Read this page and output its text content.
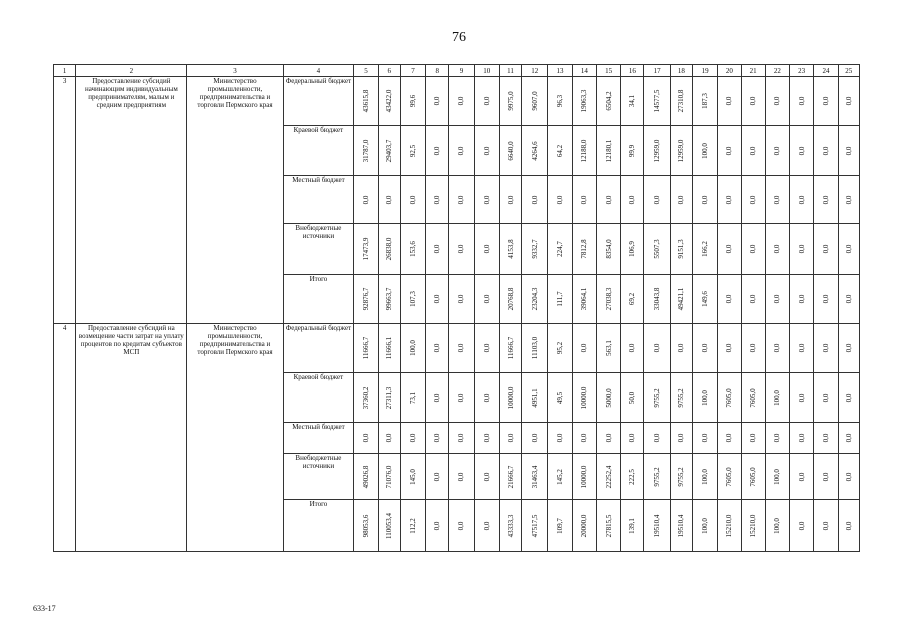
76
1	2	3	4	5	6	7	8	9	10	11	12	13	14	15	16	17	18	19	20	21	22	23	24	25
3	Предоставление субсидий начинающим индивидуальным предпринимателям, малым и средним предприятиям	Министерство промышленности, предпринимательства и торговли Пермского края	Федеральный бюджет	43615,8	43422,0	99,6	0,0	0,0	0,0	9975,0	9607,0	96,3	19063,3	6504,2	34,1	14577,5	27310,8	187,3	0,0	0,0	0,0	0,0	0,0	0,0

			Краевой бюджет	31787,0	29403,7	92,5	0,0	0,0	0,0	6640,0	4264,6	64,2	12188,0	12180,1	99,9	12959,0	12959,0	100,0	0,0	0,0	0,0	0,0	0,0	0,0

			Местный бюджет	0,0	0,0	0,0	0,0	0,0	0,0	0,0	0,0	0,0	0,0	0,0	0,0	0,0	0,0	0,0	0,0	0,0	0,0	0,0	0,0	0,0

			Внебюджетные источники	17473,9	26838,0	153,6	0,0	0,0	0,0	4153,8	9332,7	224,7	7812,8	8354,0	106,9	5507,3	9151,3	166,2	0,0	0,0	0,0	0,0	0,0	0,0

			Итого	92876,7	99663,7	107,3	0,0	0,0	0,0	20768,8	23204,3	111,7	39064,1	27038,3	69,2	33043,8	49421,1	149,6	0,0	0,0	0,0	0,0	0,0	0,0

4	Предоставление субсидий на возмещение части затрат на уплату процентов по кредитам субъектов МСП	Министерство промышленности, предпринимательства и торговли Пермского края	Федеральный бюджет	11666,7	11666,1	100,0	0,0	0,0	0,0	11666,7	11103,0	95,2	0,0	563,1	0,0	0,0	0,0	0,0	0,0	0,0	0,0	0,0	0,0	0,0

			Краевой бюджет	37360,2	27311,3	73,1	0,0	0,0	0,0	10000,0	4951,1	49,5	10000,0	5000,0	50,0	9755,2	9755,2	100,0	7605,0	7605,0	100,0	0,0	0,0	0,0

			Местный бюджет	0,0	0,0	0,0	0,0	0,0	0,0	0,0	0,0	0,0	0,0	0,0	0,0	0,0	0,0	0,0	0,0	0,0	0,0	0,0	0,0	0,0

			Внебюджетные источники	49026,8	71076,0	145,0	0,0	0,0	0,0	21666,7	31463,4	145,2	10000,0	22252,4	222,5	9755,2	9755,2	100,0	7605,0	7605,0	100,0	0,0	0,0	0,0

			Итого	98053,6	110053,4	112,2	0,0	0,0	0,0	43333,3	47517,5	109,7	20000,0	27815,5	139,1	19510,4	19510,4	100,0	15210,0	15210,0	100,0	0,0	0,0	0,0
633-17
